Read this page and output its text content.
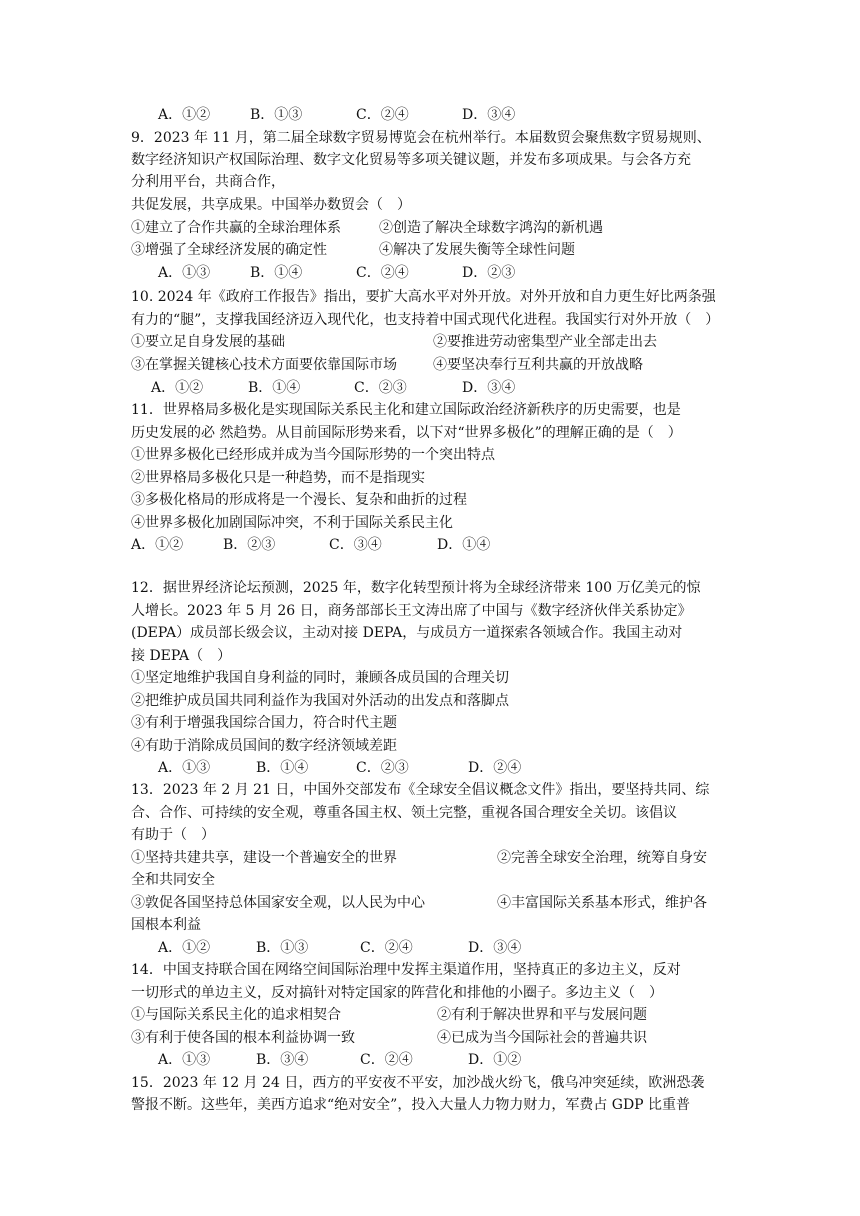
A．①②	B．①③	C．②④	D．③④
9．2023 年 11 月，第二届全球数字贸易博览会在杭州举行。本届数贸会聚焦数字贸易规则、
数字经济知识产权国际治理、数字文化贸易等多项关键议题，并发布多项成果。与会各方充
分利用平台，共商合作，
共促发展，共享成果。中国举办数贸会（　）
①建立了合作共赢的全球治理体系	②创造了解决全球数字鸿沟的新机遇
③增强了全球经济发展的确定性	④解决了发展失衡等全球性问题
A．①③	B．①④	C．②④	D．②③
10. 2024 年《政府工作报告》指出，要扩大高水平对外开放。对外开放和自力更生好比两条强
有力的“腿”，支撑我国经济迈入现代化，也支持着中国式现代化进程。我国实行对外开放（　）
①要立足自身发展的基础	②要推进劳动密集型产业全部走出去
③在掌握关键核心技术方面要依靠国际市场	④要坚决奉行互利共赢的开放战略
A．①②	B．①④	C．②③	D．③④
11．世界格局多极化是实现国际关系民主化和建立国际政治经济新秩序的历史需要，也是
历史发展的必 然趋势。从目前国际形势来看，以下对“世界多极化”的理解正确的是（　）
①世界多极化已经形成并成为当今国际形势的一个突出特点
②世界格局多极化只是一种趋势，而不是指现实
③多极化格局的形成将是一个漫长、复杂和曲折的过程
④世界多极化加剧国际冲突，不利于国际关系民主化
A．①②	B．②③	C．③④	D．①④
12．据世界经济论坛预测，2025 年，数字化转型预计将为全球经济带来 100 万亿美元的惊
人增长。2023 年 5 月 26 日，商务部部长王文涛出席了中国与《数字经济伙伴关系协定》
(DEPA）成员部长级会议，主动对接 DEPA，与成员方一道探索各领域合作。我国主动对
接 DEPA（　）
①坚定地维护我国自身利益的同时，兼顾各成员国的合理关切
②把维护成员国共同利益作为我国对外活动的出发点和落脚点
③有利于增强我国综合国力，符合时代主题
④有助于消除成员国间的数字经济领域差距
A．①③	B．①④	C．②③	D．②④
13．2023 年 2 月 21 日，中国外交部发布《全球安全倡议概念文件》指出，要坚持共同、综
合、合作、可持续的安全观，尊重各国主权、领土完整，重视各国合理安全关切。该倡议
有助于（　）
①坚持共建共享，建设一个普遍安全的世界	②完善全球安全治理，统筹自身安
全和共同安全
③敦促各国坚持总体国家安全观，以人民为中心	④丰富国际关系基本形式，维护各
国根本利益
A．①②	B．①③	C．②④	D．③④
14．中国支持联合国在网络空间国际治理中发挥主渠道作用，坚持真正的多边主义，反对
一切形式的单边主义，反对搞针对特定国家的阵营化和排他的小圈子。多边主义（　）
①与国际关系民主化的追求相契合	②有利于解决世界和平与发展问题
③有利于使各国的根本利益协调一致	④已成为当今国际社会的普遍共识
A．①③	B．③④	C．②④	D．①②
15．2023 年 12 月 24 日，西方的平安夜不平安，加沙战火纷飞，俄乌冲突延续，欧洲恐袭
警报不断。这些年，美西方追求“绝对安全”，投入大量人力物力财力，军费占 GDP 比重普
